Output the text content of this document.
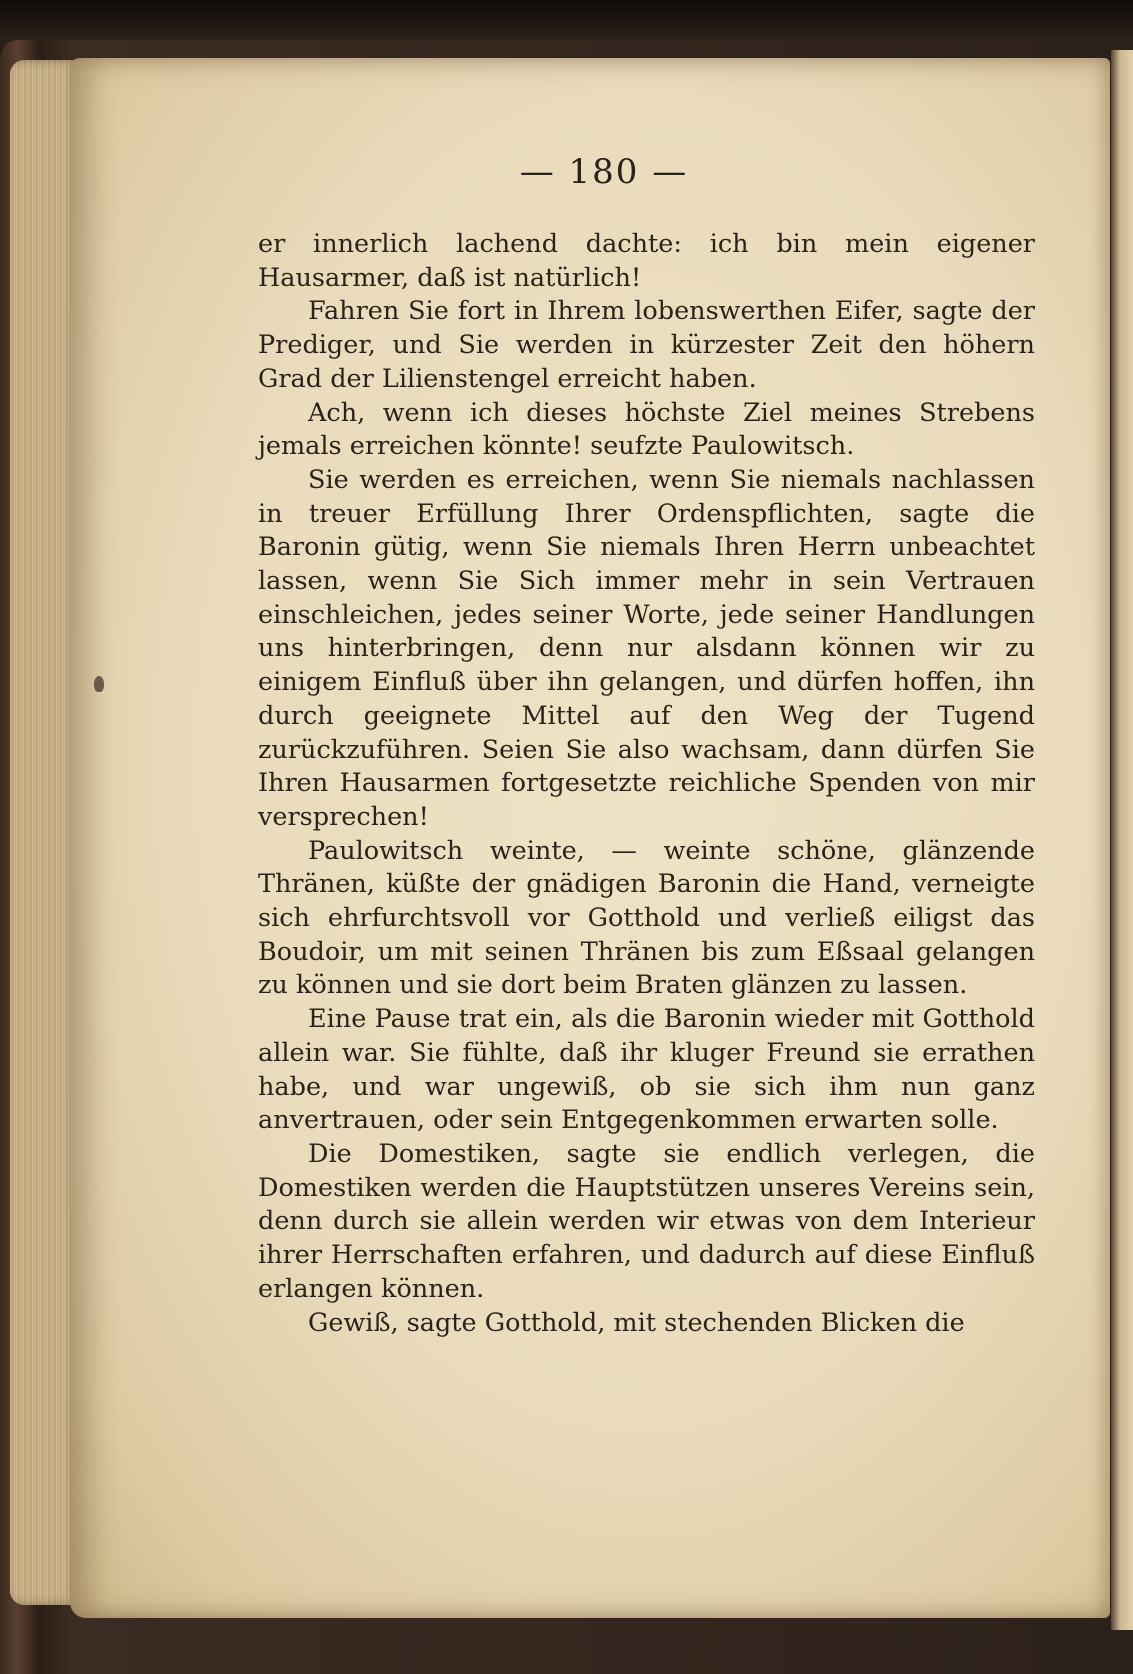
— 180 —

er innerlich lachend dachte: ich bin mein eigener Hausarmer, daß ist natürlich!

Fahren Sie fort in Ihrem lobenswerthen Eifer, sagte der Prediger, und Sie werden in kürzester Zeit den höhern Grad der Lilienstengel erreicht haben.

Ach, wenn ich dieses höchste Ziel meines Strebens jemals erreichen könnte! seufzte Paulowitsch.

Sie werden es erreichen, wenn Sie niemals nachlassen in treuer Erfüllung Ihrer Ordenspflichten, sagte die Baronin gütig, wenn Sie niemals Ihren Herrn unbeachtet lassen, wenn Sie Sich immer mehr in sein Vertrauen einschleichen, jedes seiner Worte, jede seiner Handlungen uns hinterbringen, denn nur alsdann können wir zu einigem Einfluß über ihn gelangen, und dürfen hoffen, ihn durch geeignete Mittel auf den Weg der Tugend zurückzuführen. Seien Sie also wachsam, dann dürfen Sie Ihren Hausarmen fortgesetzte reichliche Spenden von mir versprechen!

Paulowitsch weinte, — weinte schöne, glänzende Thränen, küßte der gnädigen Baronin die Hand, verneigte sich ehrfurchtsvoll vor Gotthold und verließ eiligst das Boudoir, um mit seinen Thränen bis zum Eßsaal gelangen zu können und sie dort beim Braten glänzen zu lassen.

Eine Pause trat ein, als die Baronin wieder mit Gotthold allein war. Sie fühlte, daß ihr kluger Freund sie errathen habe, und war ungewiß, ob sie sich ihm nun ganz anvertrauen, oder sein Entgegenkommen erwarten solle.

Die Domestiken, sagte sie endlich verlegen, die Domestiken werden die Hauptstützen unseres Vereins sein, denn durch sie allein werden wir etwas von dem Interieur ihrer Herrschaften erfahren, und dadurch auf diese Einfluß erlangen können.

Gewiß, sagte Gotthold, mit stechenden Blicken die
